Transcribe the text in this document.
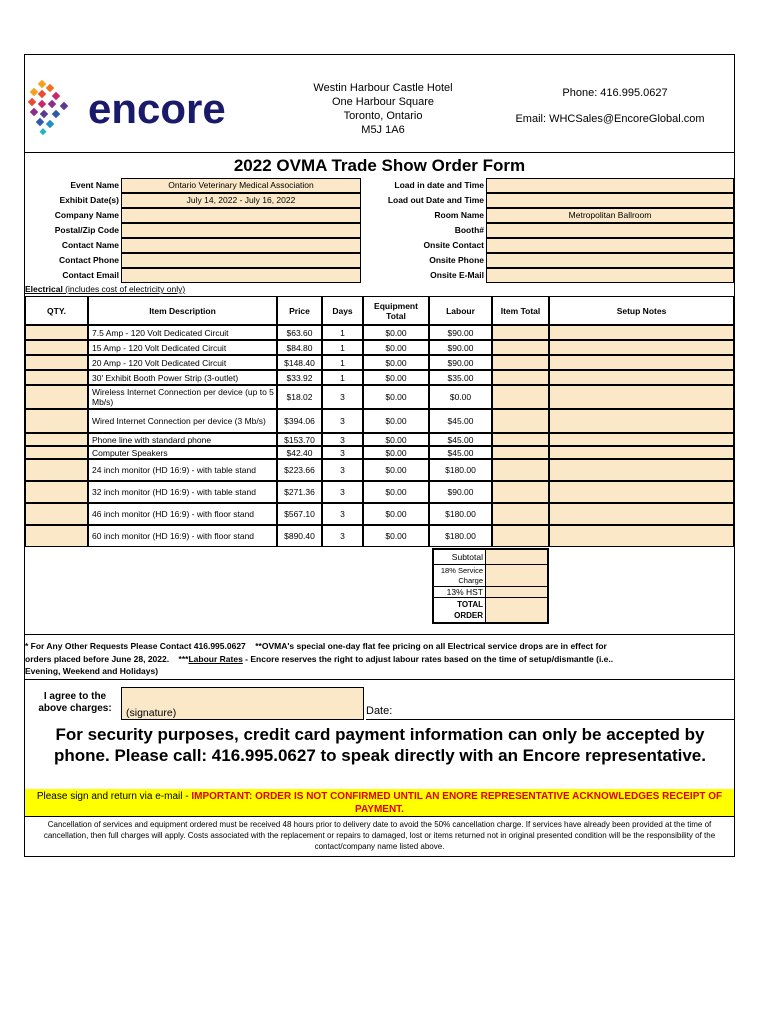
encore	Westin Harbour Castle Hotel
One Harbour Square
Toronto, Ontario
M5J 1A6
Phone: 416.995.0627
Email: WHCSales@EncoreGlobal.com
2022 OVMA Trade Show Order Form
Event Name	Ontario Veterinary Medical Association
Exhibit Date(s)	July 14, 2022 - July 16, 2022
Company Name
Postal/Zip Code
Contact Name
Contact Phone
Contact Email
Load in date and Time
Load out Date and Time
Room Name	Metropolitan Ballroom
Booth#
Onsite Contact
Onsite Phone
Onsite E-Mail
Electrical (includes cost of electricity only)
QTY.	Item Description	Price	Days	Equipment Total	Labour	Item Total	Setup Notes
7.5 Amp - 120 Volt Dedicated Circuit	$63.60	1	$0.00	$90.00
15 Amp - 120 Volt Dedicated Circuit	$84.80	1	$0.00	$90.00
20 Amp - 120 Volt Dedicated Circuit	$148.40	1	$0.00	$90.00
30' Exhibit Booth Power Strip (3-outlet)	$33.92	1	$0.00	$35.00
Wireless Internet Connection per device (up to 5 Mb/s)	$18.02	3	$0.00	$0.00
Wired Internet Connection per device (3 Mb/s)	$394.06	3	$0.00	$45.00
Phone line with standard phone	$153.70	3	$0.00	$45.00
Computer Speakers	$42.40	3	$0.00	$45.00
24 inch monitor (HD 16:9) - with table stand	$223.66	3	$0.00	$180.00
32 inch monitor (HD 16:9) - with table stand	$271.36	3	$0.00	$90.00
46 inch monitor (HD 16:9) - with floor stand	$567.10	3	$0.00	$180.00
60 inch monitor (HD 16:9) - with floor stand	$890.40	3	$0.00	$180.00
Subtotal
18% Service Charge
13% HST
TOTAL ORDER
* For Any Other Requests Please Contact 416.995.0627 **OVMA's special one-day flat fee pricing on all Electrical service drops are in effect for
orders placed before June 28, 2022. ***Labour Rates - Encore reserves the right to adjust labour rates based on the time of setup/dismantle (i.e..
Evening, Weekend and Holidays)
I agree to the above charges:	(signature)	Date:
For security purposes, credit card payment information can only be accepted by phone. Please call: 416.995.0627 to speak directly with an Encore representative.
Please sign and return via e-mail - IMPORTANT: ORDER IS NOT CONFIRMED UNTIL AN ENORE REPRESENTATIVE ACKNOWLEDGES RECEIPT OF PAYMENT.
Cancellation of services and equipment ordered must be received 48 hours prior to delivery date to avoid the 50% cancellation charge. If services have already been provided at the time of cancellation, then full charges will apply. Costs associated with the replacement or repairs to damaged, lost or items returned not in original presented condition will be the responsibility of the contact/company name listed above.
